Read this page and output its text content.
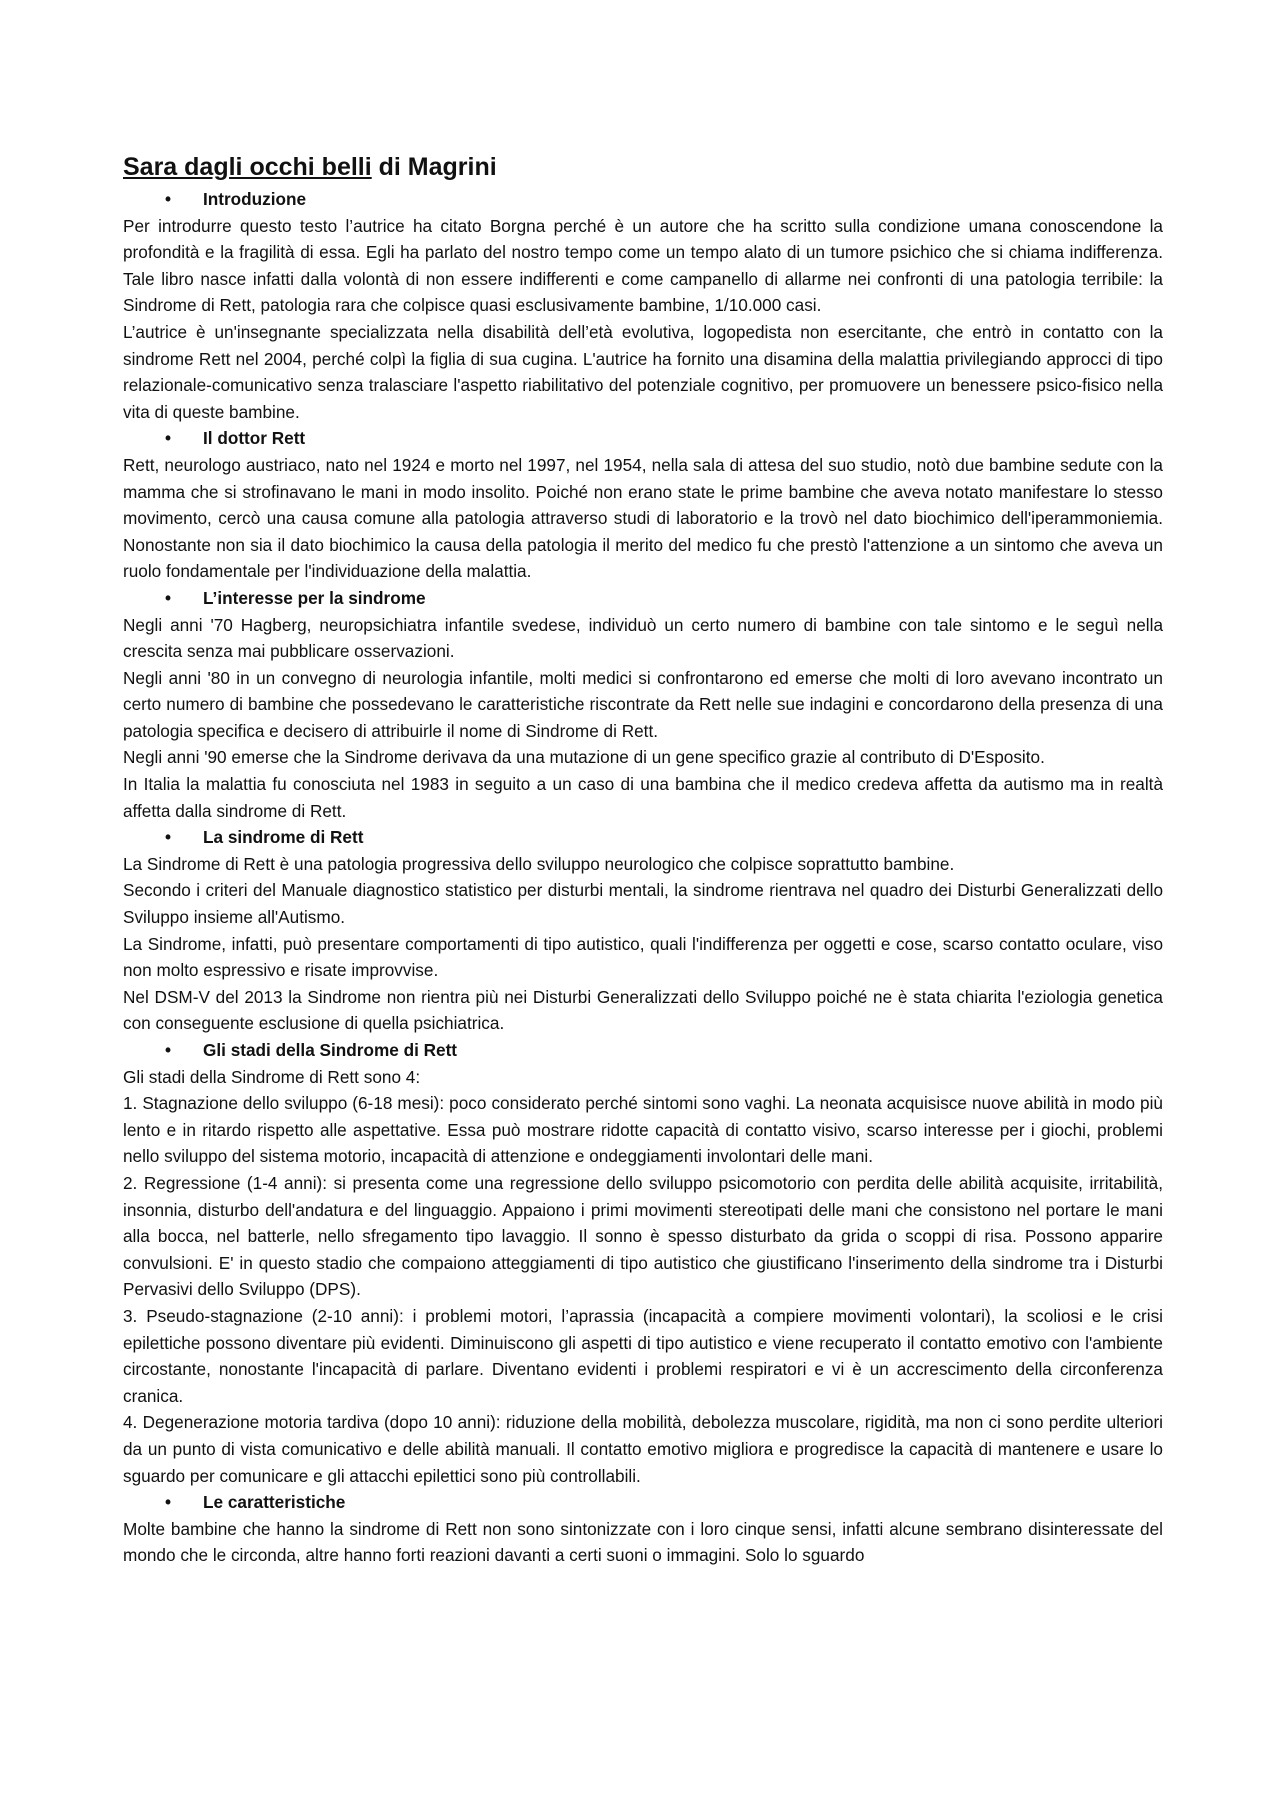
Sara dagli occhi belli di Magrini
• Introduzione

Per introdurre questo testo l’autrice ha citato Borgna perché è un autore che ha scritto sulla condizione umana conoscendone la profondità e la fragilità di essa. Egli ha parlato del nostro tempo come un tempo alato di un tumore psichico che si chiama indifferenza. Tale libro nasce infatti dalla volontà di non essere indifferenti e come campanello di allarme nei confronti di una patologia terribile: la Sindrome di Rett, patologia rara che colpisce quasi esclusivamente bambine, 1/10.000 casi.

L’autrice è un'insegnante specializzata nella disabilità dell’età evolutiva, logopedista non esercitante, che entrò in contatto con la sindrome Rett nel 2004, perché colpì la figlia di sua cugina. L'autrice ha fornito una disamina della malattia privilegiando approcci di tipo relazionale-comunicativo senza tralasciare l'aspetto riabilitativo del potenziale cognitivo, per promuovere un benessere psico-fisico nella vita di queste bambine.

• Il dottor Rett

Rett, neurologo austriaco, nato nel 1924 e morto nel 1997, nel 1954, nella sala di attesa del suo studio, notò due bambine sedute con la mamma che si strofinavano le mani in modo insolito. Poiché non erano state le prime bambine che aveva notato manifestare lo stesso movimento, cercò una causa comune alla patologia attraverso studi di laboratorio e la trovò nel dato biochimico dell'iperammoniemia. Nonostante non sia il dato biochimico la causa della patologia il merito del medico fu che prestò l'attenzione a un sintomo che aveva un ruolo fondamentale per l'individuazione della malattia.

• L’interesse per la sindrome

Negli anni '70 Hagberg, neuropsichiatra infantile svedese, individuò un certo numero di bambine con tale sintomo e le seguì nella crescita senza mai pubblicare osservazioni.

Negli anni '80 in un convegno di neurologia infantile, molti medici si confrontarono ed emerse che molti di loro avevano incontrato un certo numero di bambine che possedevano le caratteristiche riscontrate da Rett nelle sue indagini e concordarono della presenza di una patologia specifica e decisero di attribuirle il nome di Sindrome di Rett.

Negli anni '90 emerse che la Sindrome derivava da una mutazione di un gene specifico grazie al contributo di D'Esposito.

In Italia la malattia fu conosciuta nel 1983 in seguito a un caso di una bambina che il medico credeva affetta da autismo ma in realtà affetta dalla sindrome di Rett.

• La sindrome di Rett

La Sindrome di Rett è una patologia progressiva dello sviluppo neurologico che colpisce soprattutto bambine.

Secondo i criteri del Manuale diagnostico statistico per disturbi mentali, la sindrome rientrava nel quadro dei Disturbi Generalizzati dello Sviluppo insieme all'Autismo.

La Sindrome, infatti, può presentare comportamenti di tipo autistico, quali l'indifferenza per oggetti e cose, scarso contatto oculare, viso non molto espressivo e risate improvvise.

Nel DSM-V del 2013 la Sindrome non rientra più nei Disturbi Generalizzati dello Sviluppo poiché ne è stata chiarita l'eziologia genetica con conseguente esclusione di quella psichiatrica.

• Gli stadi della Sindrome di Rett

Gli stadi della Sindrome di Rett sono 4:

1. Stagnazione dello sviluppo (6-18 mesi): poco considerato perché sintomi sono vaghi. La neonata acquisisce nuove abilità in modo più lento e in ritardo rispetto alle aspettative. Essa può mostrare ridotte capacità di contatto visivo, scarso interesse per i giochi, problemi nello sviluppo del sistema motorio, incapacità di attenzione e ondeggiamenti involontari delle mani.

2. Regressione (1-4 anni): si presenta come una regressione dello sviluppo psicomotorio con perdita delle abilità acquisite, irritabilità, insonnia, disturbo dell'andatura e del linguaggio. Appaiono i primi movimenti stereotipati delle mani che consistono nel portare le mani alla bocca, nel batterle, nello sfregamento tipo lavaggio. Il sonno è spesso disturbato da grida o scoppi di risa. Possono apparire convulsioni. E' in questo stadio che compaiono atteggiamenti di tipo autistico che giustificano l'inserimento della sindrome tra i Disturbi Pervasivi dello Sviluppo (DPS).

3. Pseudo-stagnazione (2-10 anni): i problemi motori, l’aprassia (incapacità a compiere movimenti volontari), la scoliosi e le crisi epilettiche possono diventare più evidenti. Diminuiscono gli aspetti di tipo autistico e viene recuperato il contatto emotivo con l'ambiente circostante, nonostante l'incapacità di parlare. Diventano evidenti i problemi respiratori e vi è un accrescimento della circonferenza cranica.

4. Degenerazione motoria tardiva (dopo 10 anni): riduzione della mobilità, debolezza muscolare, rigidità, ma non ci sono perdite ulteriori da un punto di vista comunicativo e delle abilità manuali. Il contatto emotivo migliora e progredisce la capacità di mantenere e usare lo sguardo per comunicare e gli attacchi epilettici sono più controllabili.

• Le caratteristiche

Molte bambine che hanno la sindrome di Rett non sono sintonizzate con i loro cinque sensi, infatti alcune sembrano disinteressate del mondo che le circonda, altre hanno forti reazioni davanti a certi suoni o immagini. Solo lo sguardo
